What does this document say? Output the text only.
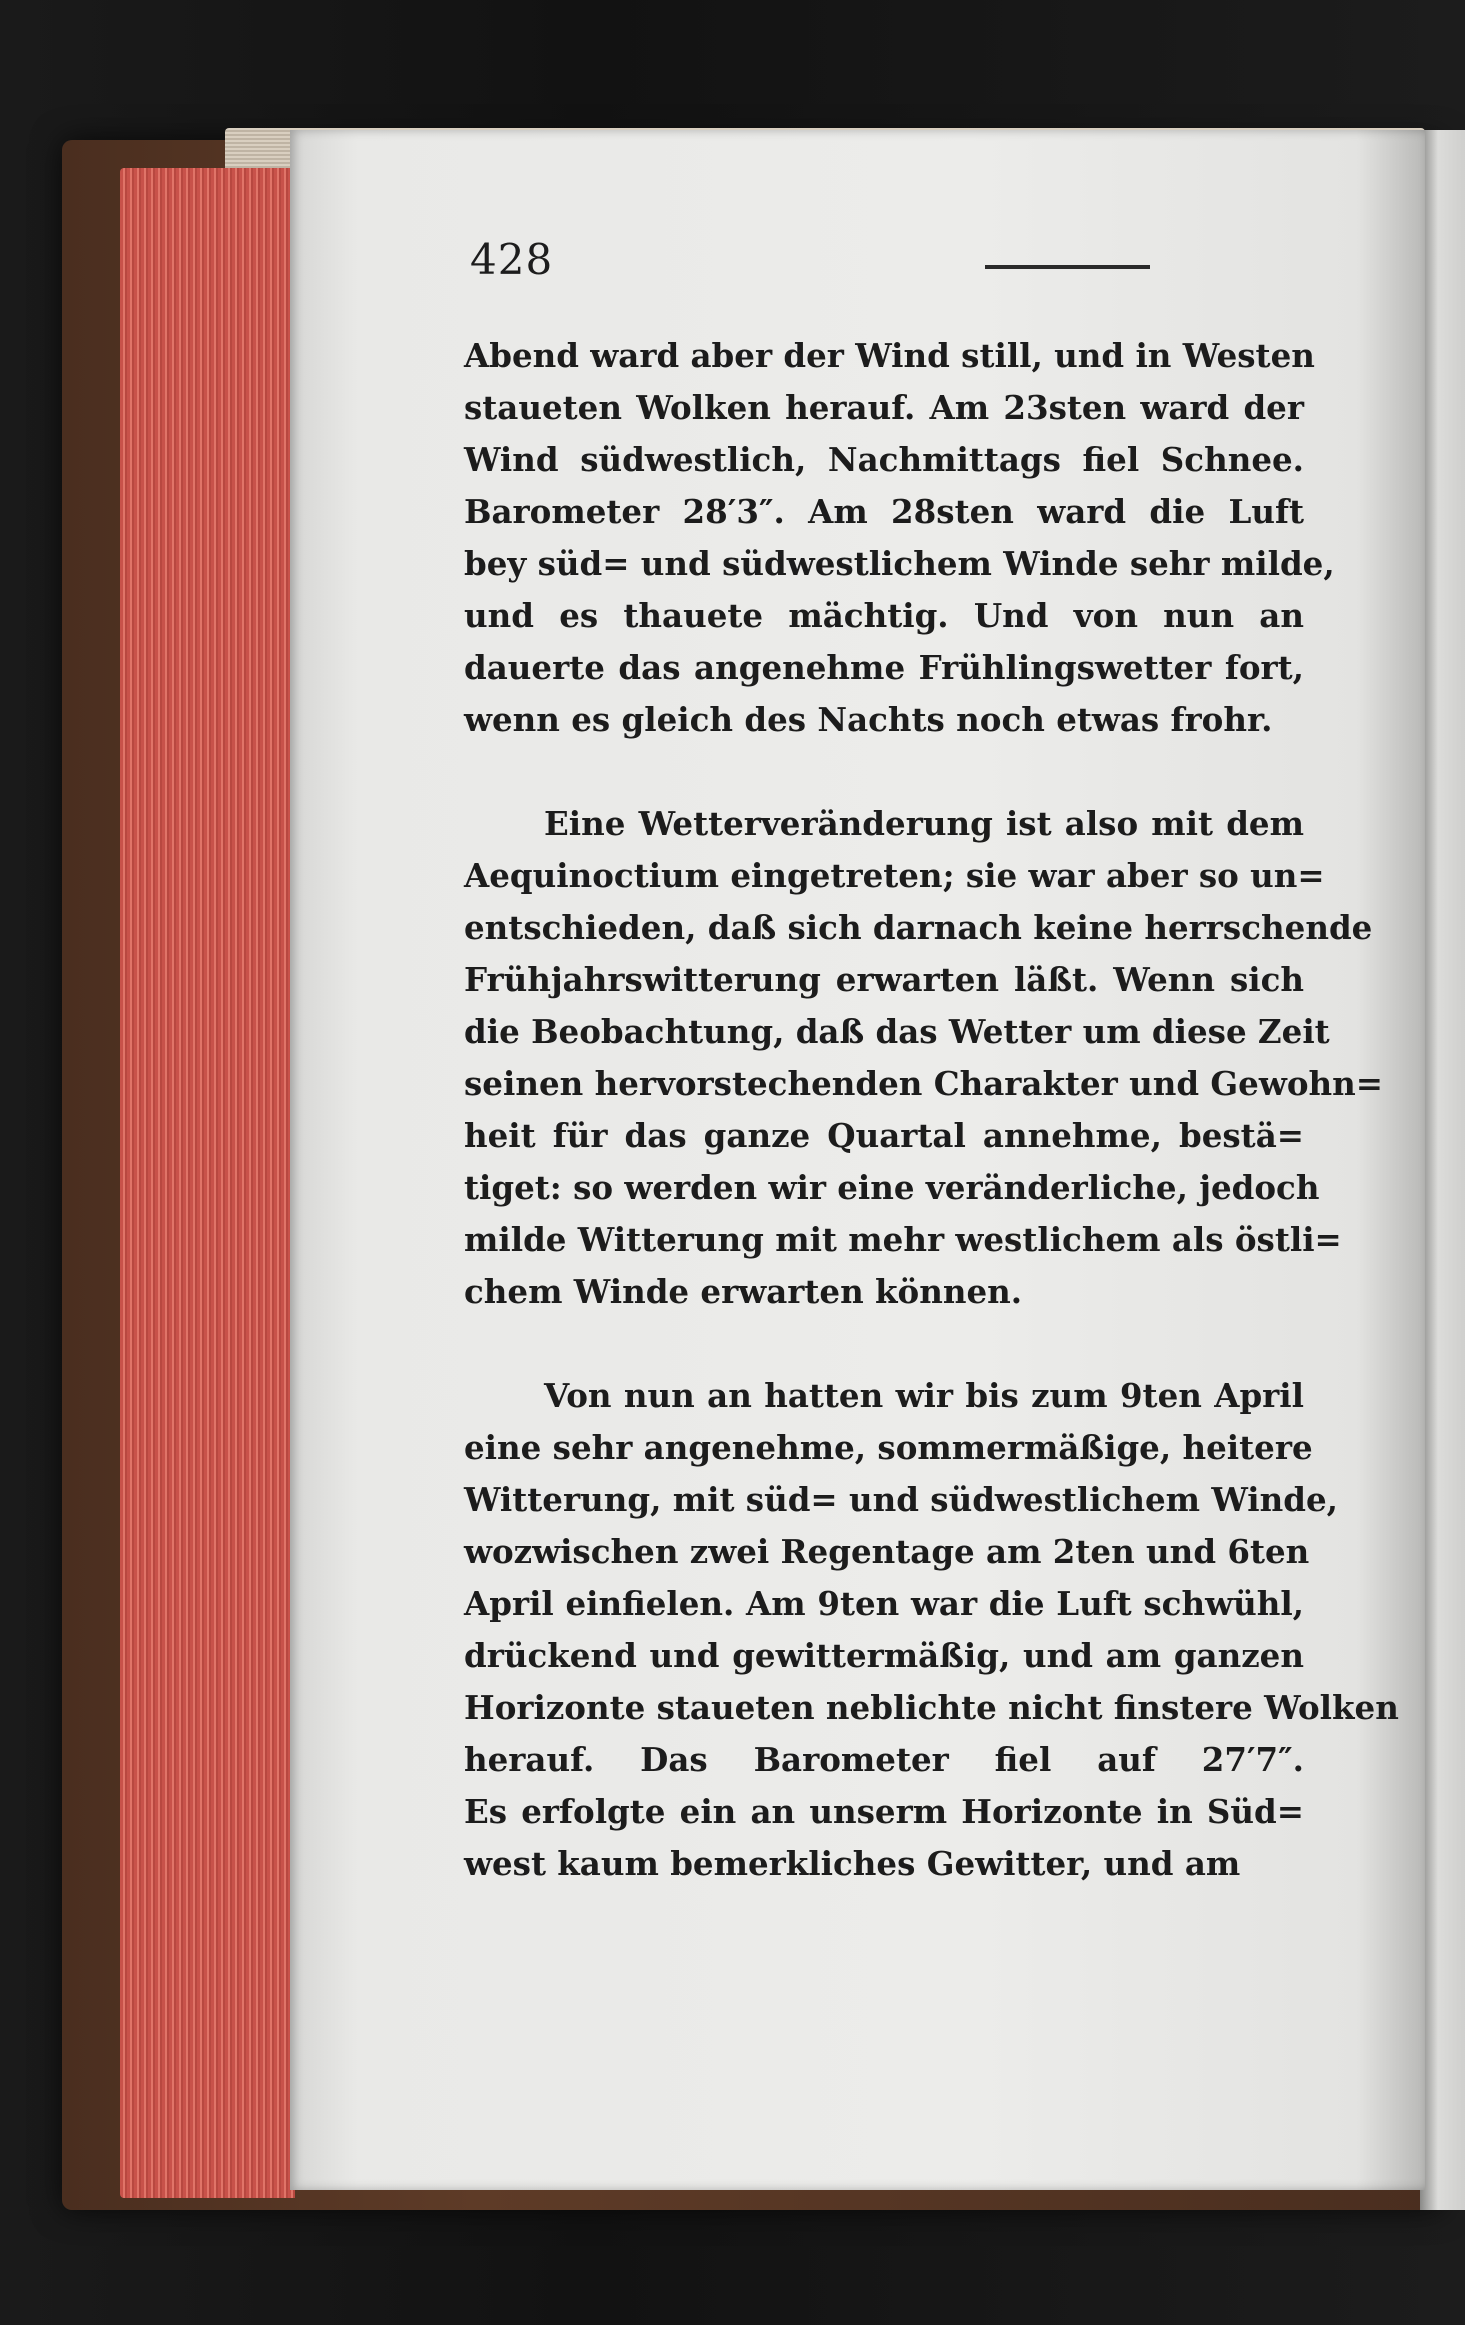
428
Abend ward aber der Wind still, und in Westen
staueten Wolken herauf. Am 23sten ward der
Wind südwestlich, Nachmittags fiel Schnee.
Barometer 28′3″. Am 28sten ward die Luft
bey süd= und südwestlichem Winde sehr milde,
und es thauete mächtig. Und von nun an
dauerte das angenehme Frühlingswetter fort,
wenn es gleich des Nachts noch etwas frohr.
Eine Wetterveränderung ist also mit dem
Aequinoctium eingetreten; sie war aber so un=
entschieden, daß sich darnach keine herrschende
Frühjahrswitterung erwarten läßt. Wenn sich
die Beobachtung, daß das Wetter um diese Zeit
seinen hervorstechenden Charakter und Gewohn=
heit für das ganze Quartal annehme, bestä=
tiget: so werden wir eine veränderliche, jedoch
milde Witterung mit mehr westlichem als östli=
chem Winde erwarten können.
Von nun an hatten wir bis zum 9ten April
eine sehr angenehme, sommermäßige, heitere
Witterung, mit süd= und südwestlichem Winde,
wozwischen zwei Regentage am 2ten und 6ten
April einfielen. Am 9ten war die Luft schwühl,
drückend und gewittermäßig, und am ganzen
Horizonte staueten neblichte nicht finstere Wolken
herauf. Das Barometer fiel auf 27′7″.
Es erfolgte ein an unserm Horizonte in Süd=
west kaum bemerkliches Gewitter, und am
